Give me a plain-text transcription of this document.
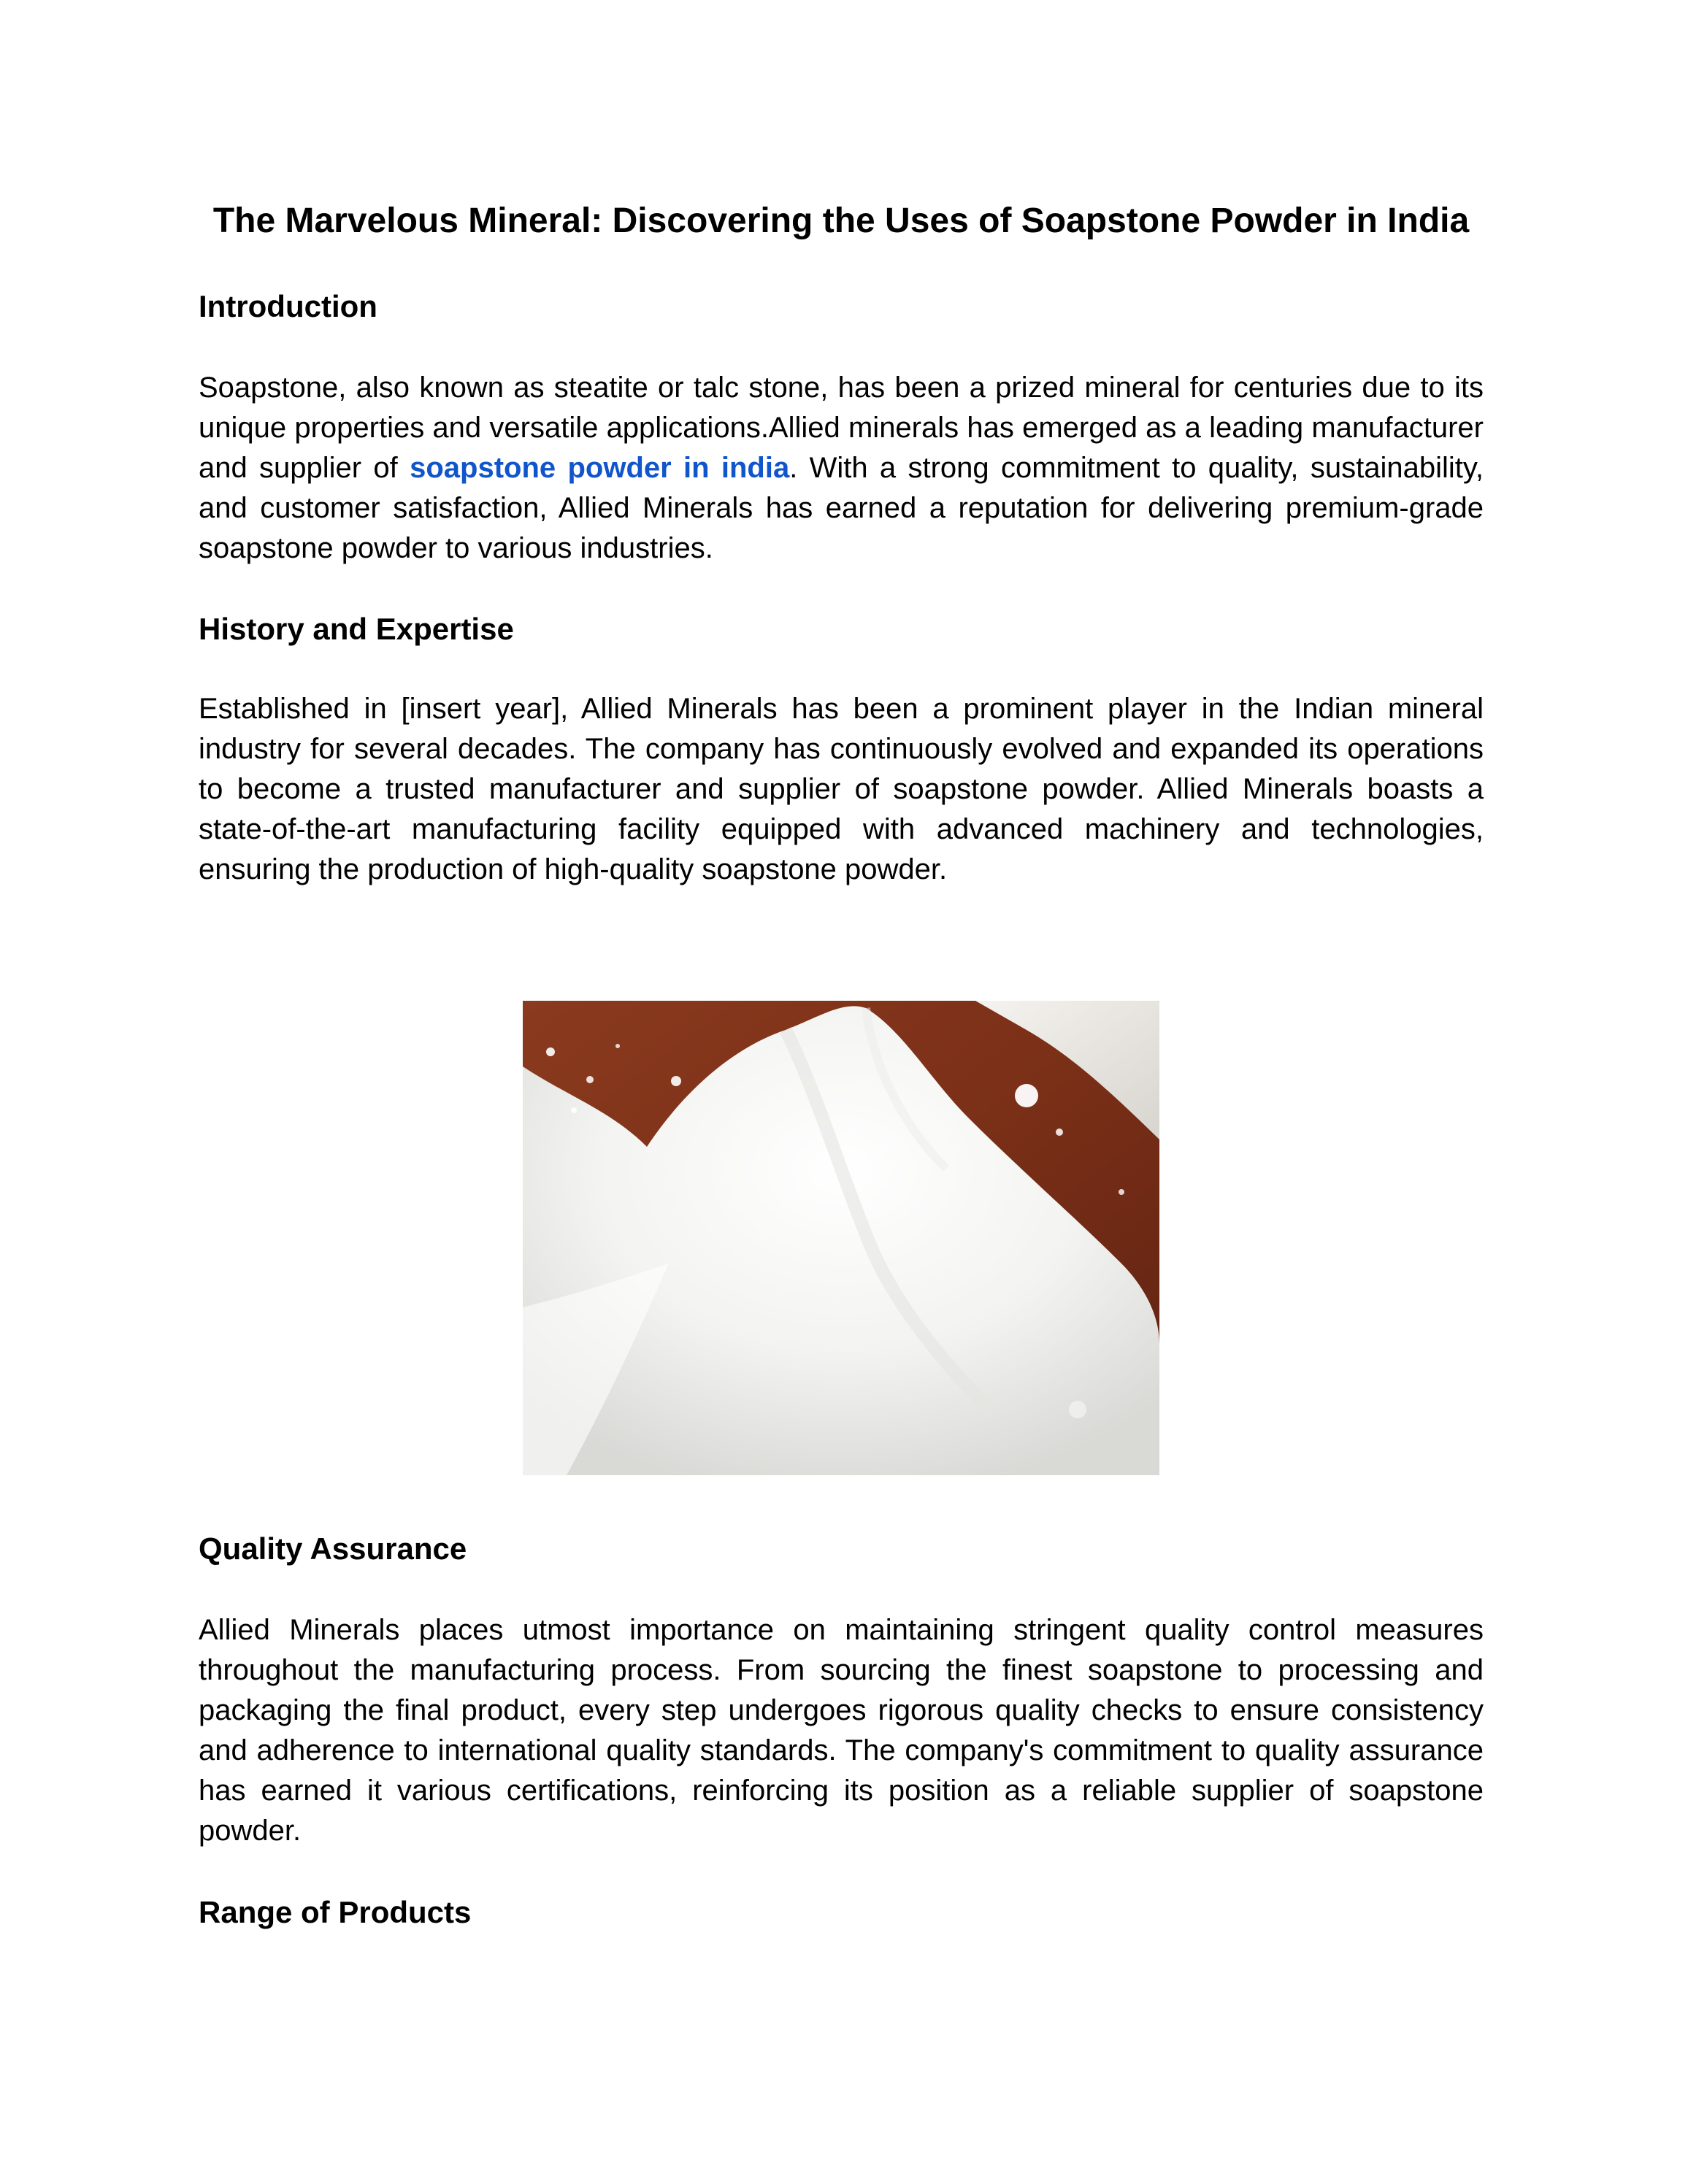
The Marvelous Mineral: Discovering the Uses of Soapstone Powder in India
Introduction

Soapstone, also known as steatite or talc stone, has been a prized mineral for centuries due to its unique properties and versatile applications.Allied minerals has emerged as a leading manufacturer and supplier of soapstone powder in india. With a strong commitment to quality, sustainability, and customer satisfaction, Allied Minerals has earned a reputation for delivering premium-grade soapstone powder to various industries.

History and Expertise

Established in [insert year], Allied Minerals has been a prominent player in the Indian mineral industry for several decades. The company has continuously evolved and expanded its operations to become a trusted manufacturer and supplier of soapstone powder. Allied Minerals boasts a state-of-the-art manufacturing facility equipped with advanced machinery and technologies, ensuring the production of high-quality soapstone powder.

Quality Assurance

Allied Minerals places utmost importance on maintaining stringent quality control measures throughout the manufacturing process. From sourcing the finest soapstone to processing and packaging the final product, every step undergoes rigorous quality checks to ensure consistency and adherence to international quality standards. The company's commitment to quality assurance has earned it various certifications, reinforcing its position as a reliable supplier of soapstone powder.

Range of Products
